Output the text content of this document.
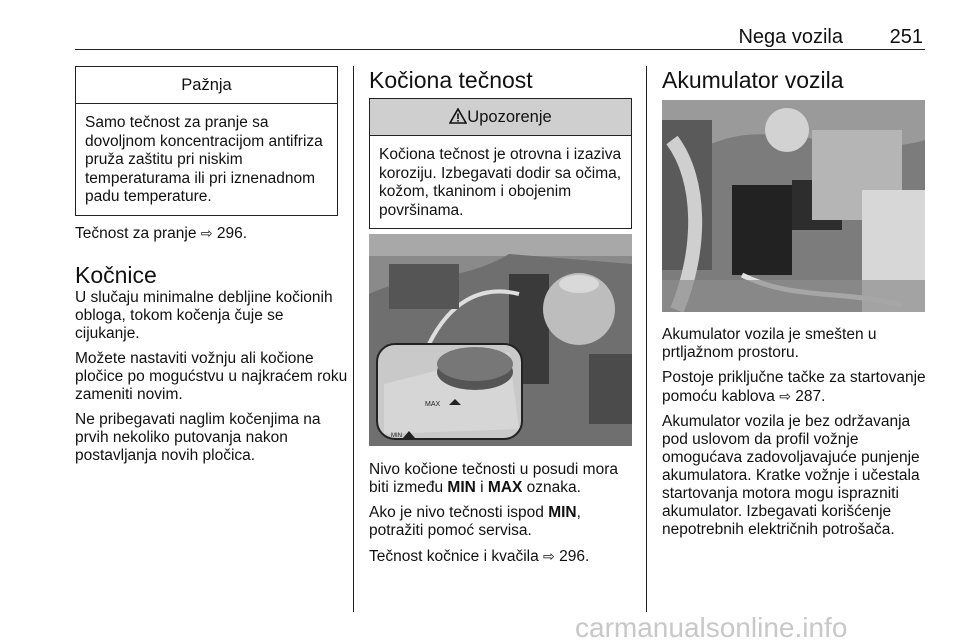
Nega vozila 251
Pažnja
Samo tečnost za pranje sa dovoljnom koncentracijom antifriza pruža zaštitu pri niskim temperaturama ili pri iznenadnom padu temperature.
Tečnost za pranje ⇨ 296.
Kočnice

U slučaju minimalne debljine kočionih obloga, tokom kočenja čuje se cijukanje.

Možete nastaviti vožnju ali kočione pločice po mogućstvu u najkraćem roku zameniti novim.

Ne pribegavati naglim kočenjima na prvih nekoliko putovanja nakon postavljanja novih pločica.

Kočiona tečnost
Upozorenje
Kočiona tečnost je otrovna i izaziva koroziju. Izbegavati dodir sa očima, kožom, tkaninom i obojenim površinama.
MAX
MIN

Nivo kočione tečnosti u posudi mora biti između MIN i MAX oznaka.

Ako je nivo tečnosti ispod MIN, potražiti pomoć servisa.

Tečnost kočnice i kvačila ⇨ 296.

Akumulator vozila

Akumulator vozila je smešten u prtljažnom prostoru.

Postoje priključne tačke za startovanje pomoću kablova ⇨ 287.

Akumulator vozila je bez održavanja pod uslovom da profil vožnje omogućava zadovoljavajuće punjenje akumulatora. Kratke vožnje i učestala startovanja motora mogu isprazniti akumulator. Izbegavati korišćenje nepotrebnih električnih potrošača.

carmanualsonline.info
